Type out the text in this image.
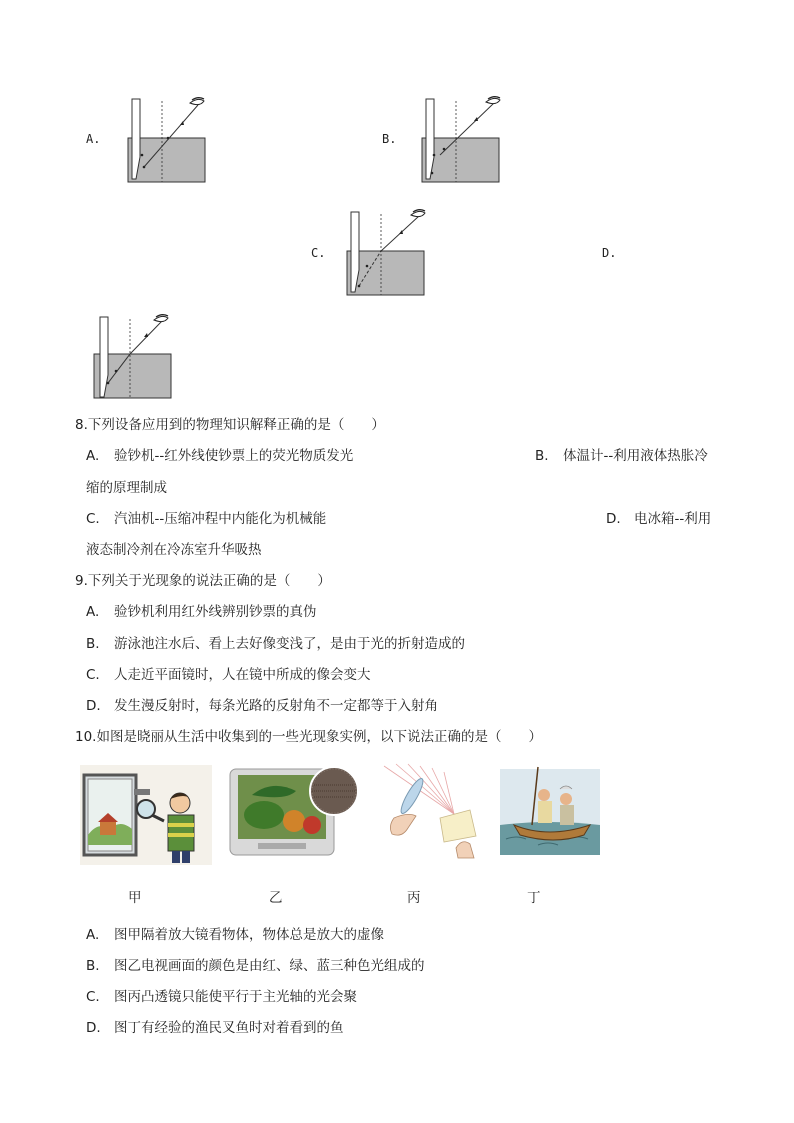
A.	B.
C.	D.
8.下列设备应用到的物理知识解释正确的是（　　）
A. 验钞机--红外线使钞票上的荧光物质发光	B. 体温计--利用液体热胀冷
缩的原理制成
C. 汽油机--压缩冲程中内能化为机械能	D. 电冰箱--利用
液态制冷剂在冷冻室升华吸热
9.下列关于光现象的说法正确的是（　　）
A. 验钞机利用红外线辨别钞票的真伪
B. 游泳池注水后、看上去好像变浅了，是由于光的折射造成的
C. 人走近平面镜时，人在镜中所成的像会变大
D. 发生漫反射时，每条光路的反射角不一定都等于入射角
10.如图是晓丽从生活中收集到的一些光现象实例，以下说法正确的是（　　）
甲	乙	丙	丁
A. 图甲隔着放大镜看物体，物体总是放大的虚像
B. 图乙电视画面的颜色是由红、绿、蓝三种色光组成的
C. 图丙凸透镜只能使平行于主光轴的光会聚
D. 图丁有经验的渔民叉鱼时对着看到的鱼
